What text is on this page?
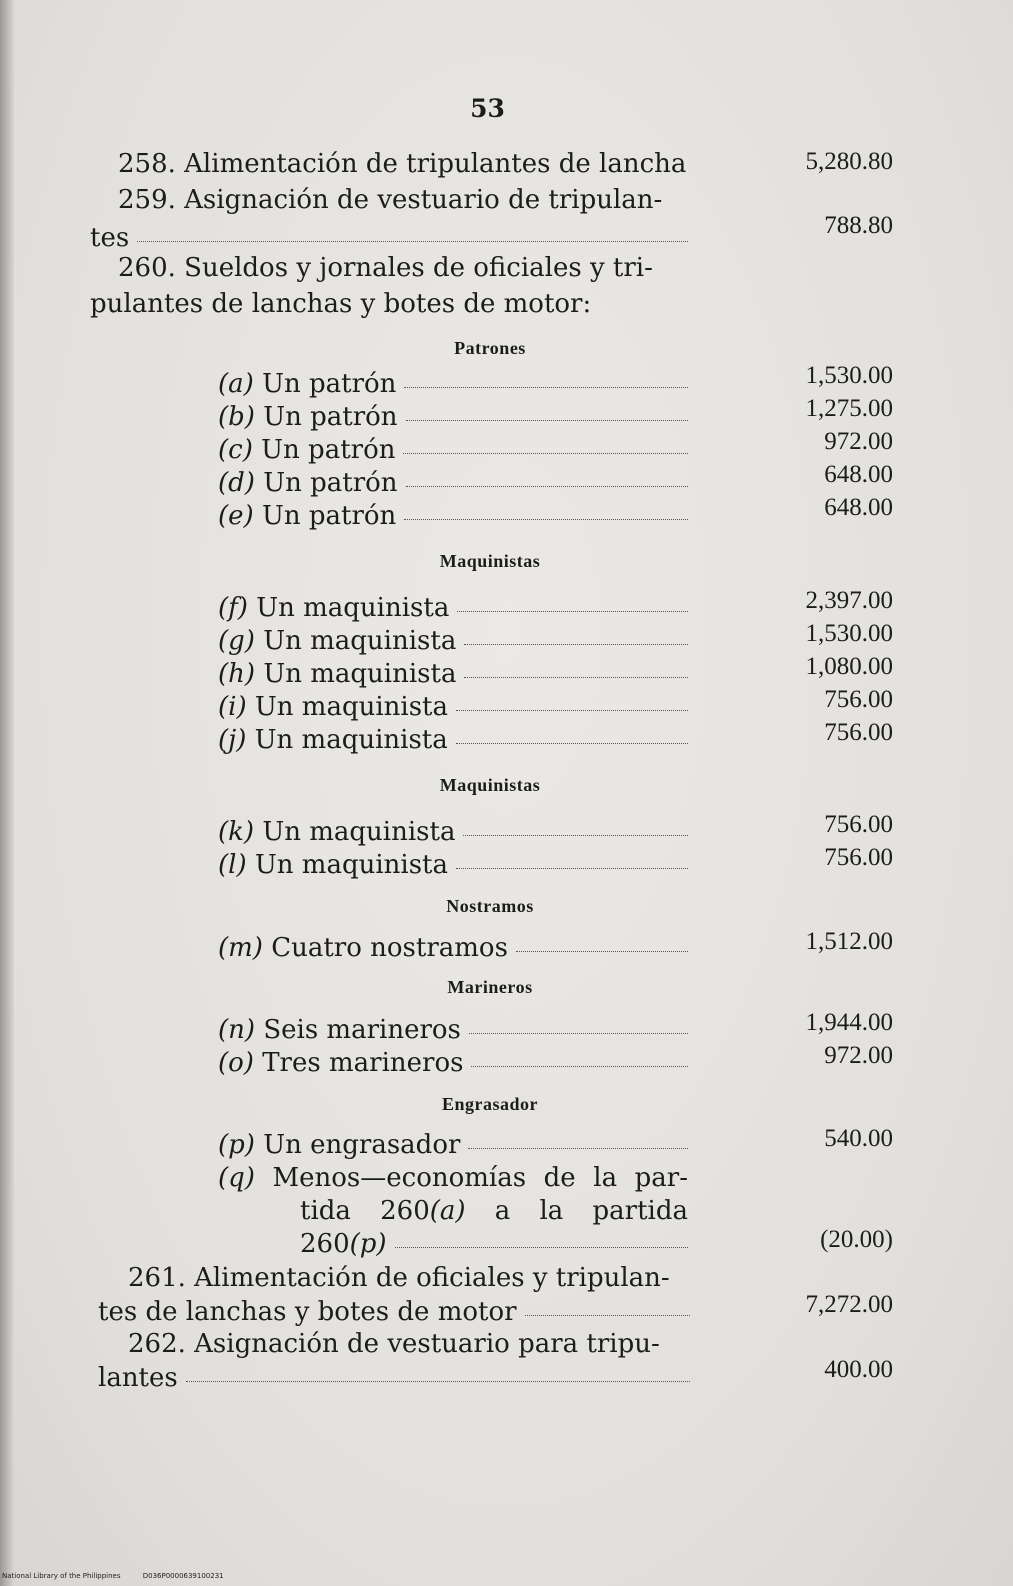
53
258. Alimentación de tripulantes de lancha	5,280.80
259. Asignación de vestuario de tripulan-
tes	788.80
260. Sueldos y jornales de oficiales y tri-
pulantes de lanchas y botes de motor:
Patrones
(a)
Un patrón	1,530.00
(b)
Un patrón	1,275.00
(c)
Un patrón	972.00
(d)
Un patrón	648.00
(e)
Un patrón	648.00
Maquinistas
(f)
Un maquinista	2,397.00
(g)
Un maquinista	1,530.00
(h)
Un maquinista	1,080.00
(i)
Un maquinista	756.00
(j)
Un maquinista	756.00
Maquinistas
(k)
Un maquinista	756.00
(l)
Un maquinista	756.00
Nostramos
(m)
Cuatro nostramos	1,512.00
Marineros
(n)
Seis marineros	1,944.00
(o)
Tres marineros	972.00
Engrasador
(p)
Un engrasador	540.00
(q) Menos—economías de la par-
tida 260(a) a la partida
260 (p)	(20.00)
261. Alimentación de oficiales y tripulan-
tes de lanchas y botes de motor	7,272.00
262. Asignación de vestuario para tripu-
lantes	400.00
National Library of the Philippines	D036P0000639100231
